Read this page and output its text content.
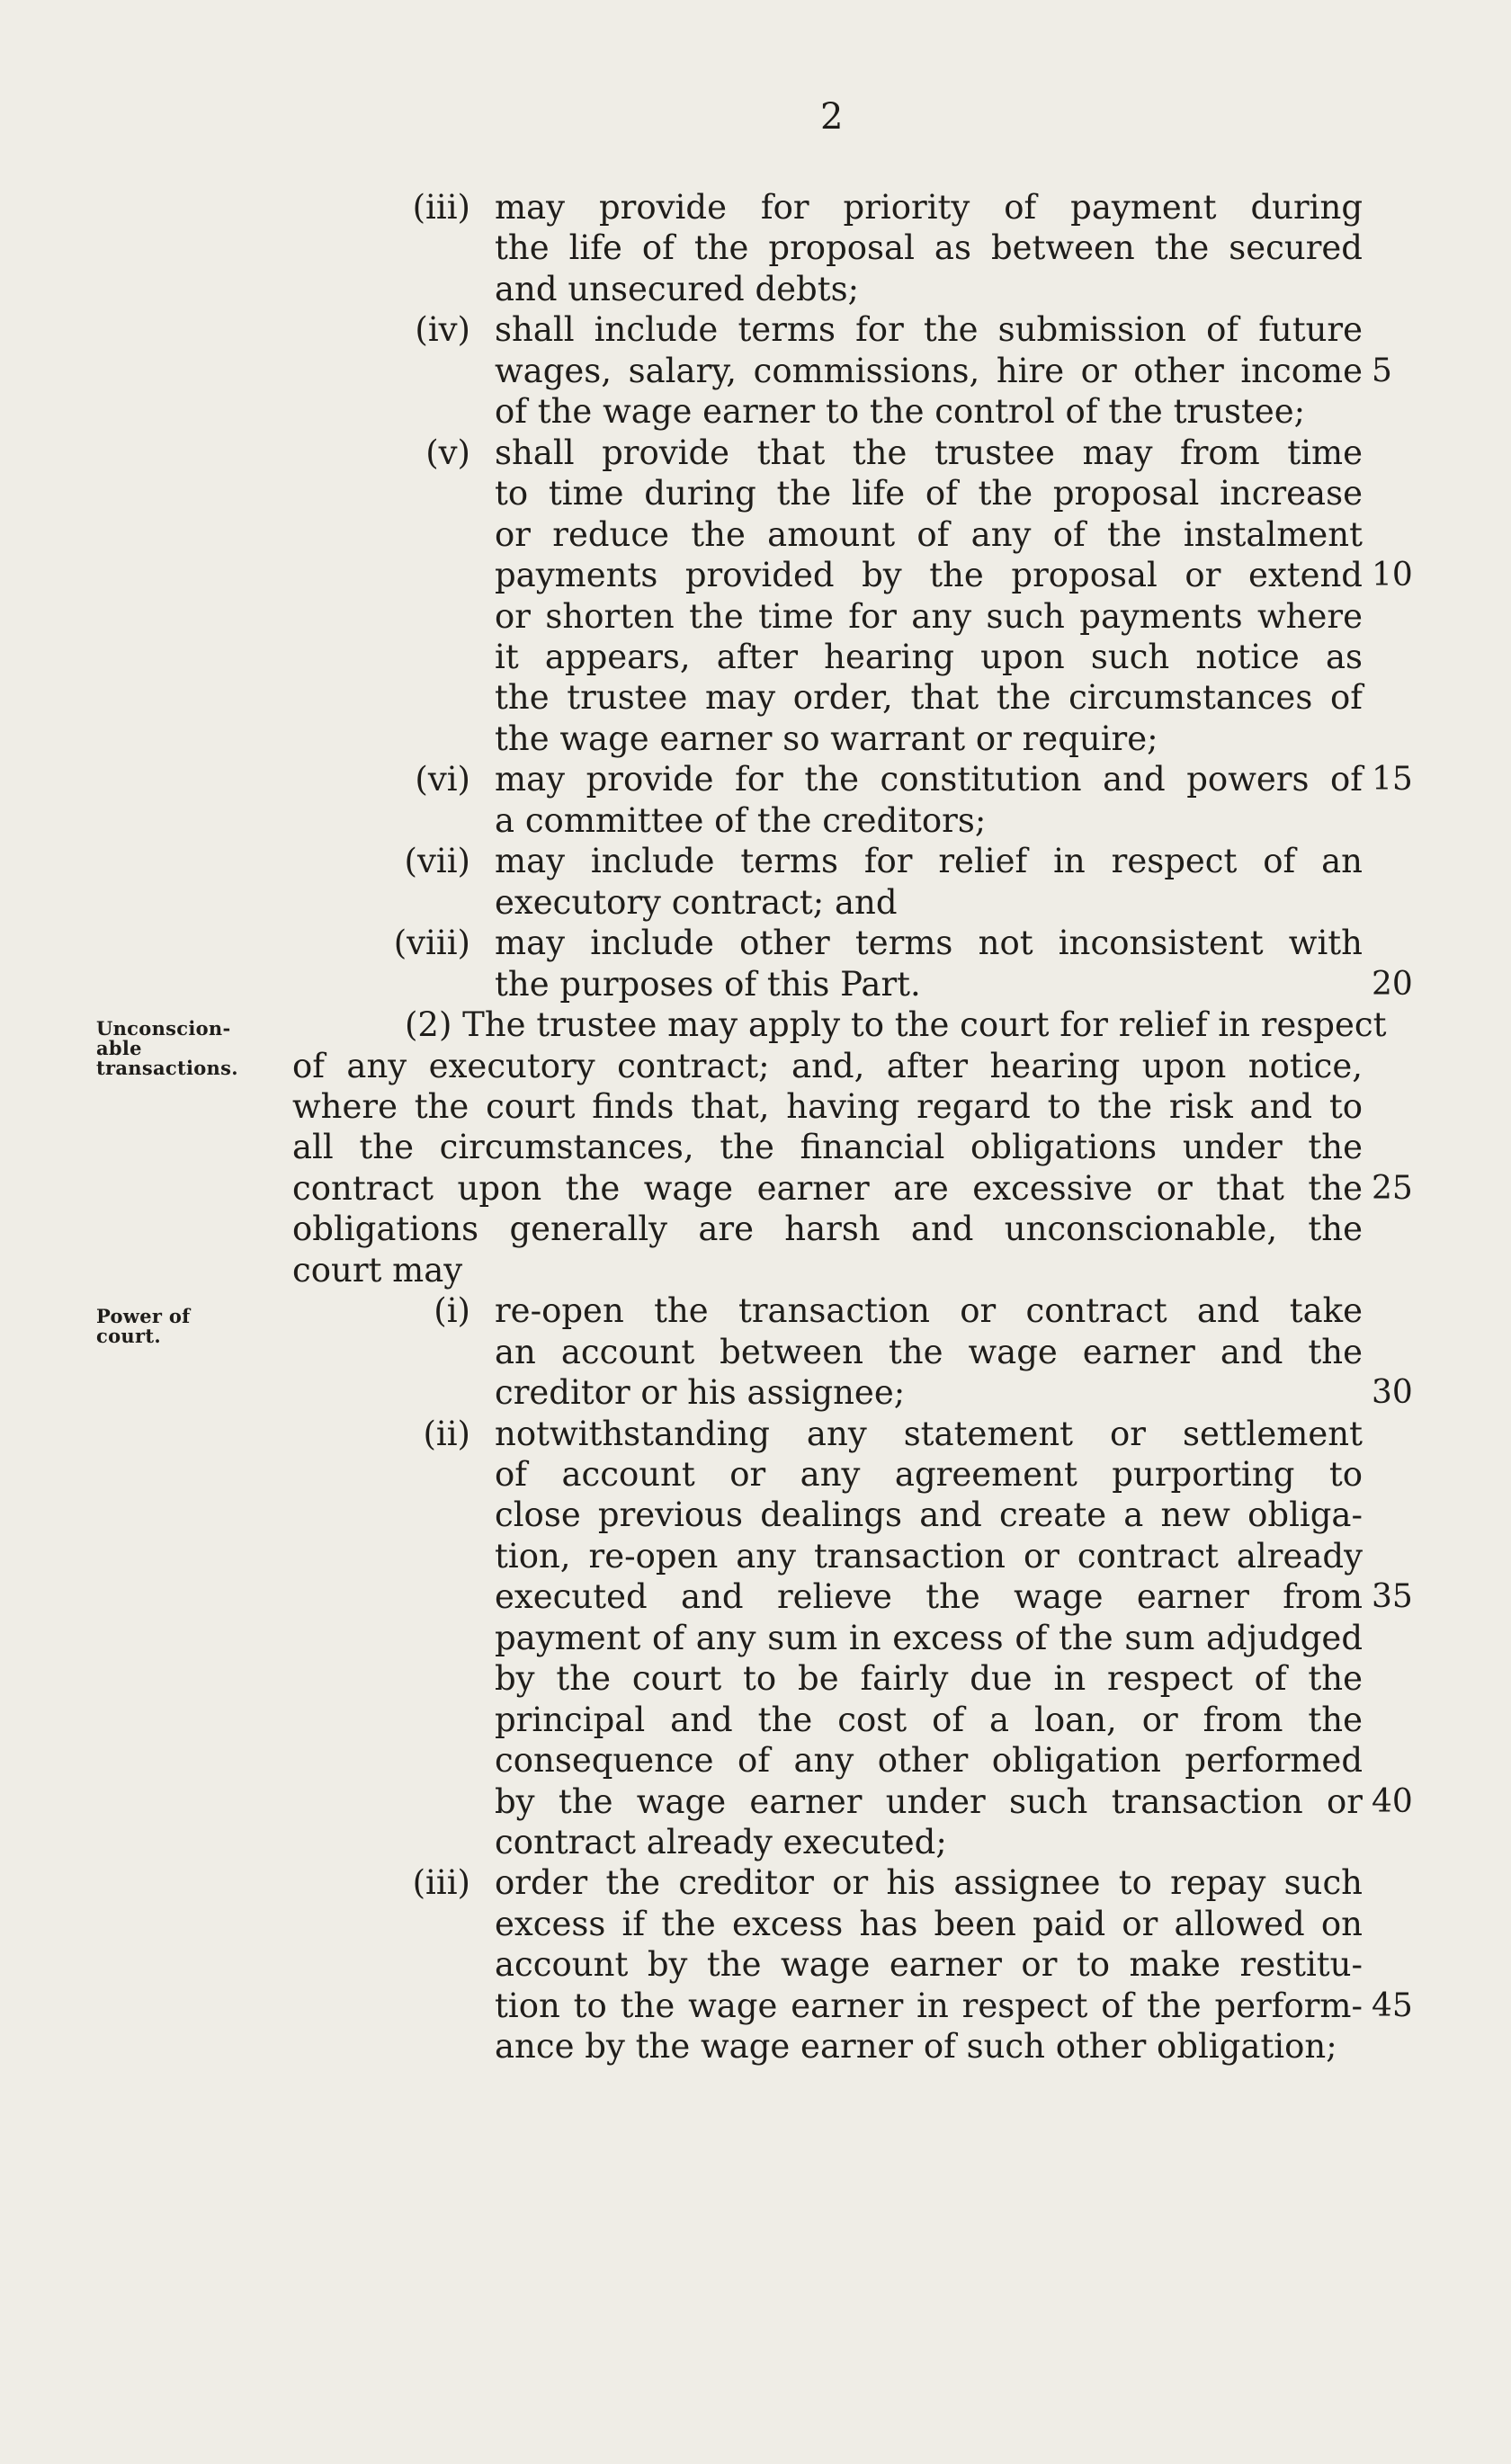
2
Unconscion-
able
transactions.
Power of
court.
(iii) may provide for priority of payment during
the life of the proposal as between the secured
and unsecured debts;
(iv) shall include terms for the submission of future
wages, salary, commissions, hire or other income 5
of the wage earner to the control of the trustee;
(v) shall provide that the trustee may from time
to time during the life of the proposal increase
or reduce the amount of any of the instalment
payments provided by the proposal or extend 10
or shorten the time for any such payments where
it appears, after hearing upon such notice as
the trustee may order, that the circumstances of
the wage earner so warrant or require;
(vi) may provide for the constitution and powers of 15
a committee of the creditors;
(vii) may include terms for relief in respect of an
executory contract; and
(viii) may include other terms not inconsistent with
the purposes of this Part.	20
(2) The trustee may apply to the court for relief in respect
of any executory contract; and, after hearing upon notice,
where the court finds that, having regard to the risk and to
all the circumstances, the financial obligations under the
contract upon the wage earner are excessive or that the 25
obligations generally are harsh and unconscionable, the
court may
(i) re-open the transaction or contract and take
an account between the wage earner and the
creditor or his assignee;	30
(ii) notwithstanding any statement or settlement
of account or any agreement purporting to
close previous dealings and create a new obliga-
tion, re-open any transaction or contract already
executed and relieve the wage earner from 35
payment of any sum in excess of the sum adjudged
by the court to be fairly due in respect of the
principal and the cost of a loan, or from the
consequence of any other obligation performed
by the wage earner under such transaction or 40
contract already executed;
(iii) order the creditor or his assignee to repay such
excess if the excess has been paid or allowed on
account by the wage earner or to make restitu-
tion to the wage earner in respect of the perform- 45
ance by the wage earner of such other obligation;
